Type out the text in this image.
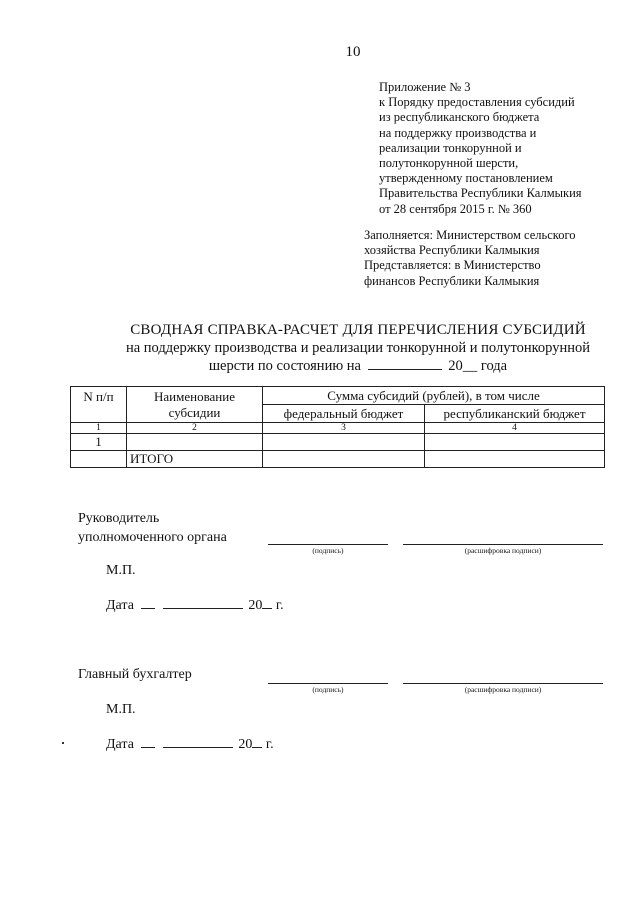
10
Приложение № 3
к Порядку предоставления субсидий
из республиканского бюджета
на поддержку производства и
реализации тонкорунной и
полутонкорунной шерсти,
утвержденному постановлением
Правительства Республики Калмыкия
от 28 сентября 2015 г. № 360
Заполняется: Министерством сельского
хозяйства Республики Калмыкия
Представляется: в Министерство
финансов Республики Калмыкия
СВОДНАЯ СПРАВКА-РАСЧЕТ ДЛЯ ПЕРЕЧИСЛЕНИЯ СУБСИДИЙ
на поддержку производства и реализации тонкорунной и полутонкорунной
шерсти по состоянию на	20__ года
N п/п	Наименование субсидии	Сумма субсидий (рублей), в том числе	
		федеральный бюджет	республиканский бюджет
1	2	3	4
1			
	ИТОГО		
Руководитель
уполномоченного органа
(подпись)	(расшифровка подписи)
М.П.
Дата	20 г.
Главный бухгалтер
(подпись)	(расшифровка подписи)
М.П.
Дата	20 г.
